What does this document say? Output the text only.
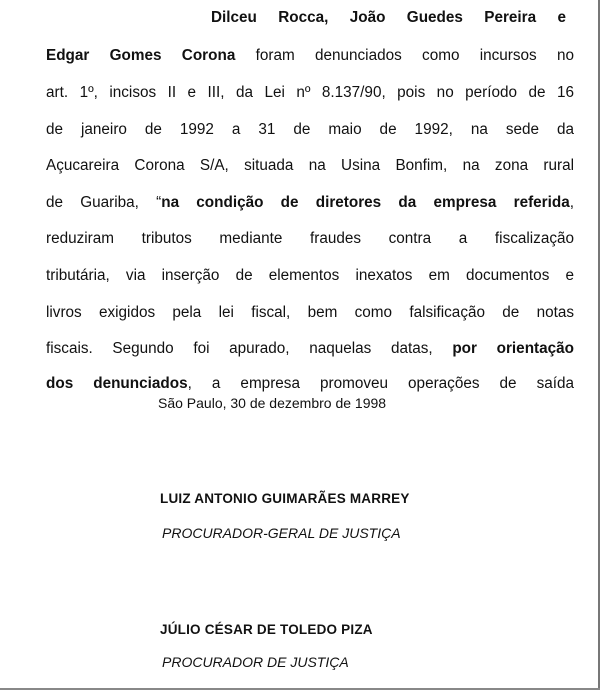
Dilceu Rocca, João Guedes Pereira e
Edgar Gomes Corona foram denunciados como incursos no
art. 1º, incisos II e III, da Lei nº 8.137/90, pois no período de 16
de janeiro de 1992 a 31 de maio de 1992, na sede da
Açucareira Corona S/A, situada na Usina Bonfim, na zona rural
de Guariba, “na condição de diretores da empresa referida,
reduziram tributos mediante fraudes contra a fiscalização
tributária, via inserção de elementos inexatos em documentos e
livros exigidos pela lei fiscal, bem como falsificação de notas
fiscais. Segundo foi apurado, naquelas datas, por orientação
dos denunciados, a empresa promoveu operações de saída
São Paulo, 30 de dezembro de 1998
LUIZ ANTONIO GUIMARÃES MARREY
PROCURADOR-GERAL DE JUSTIÇA
JÚLIO CÉSAR DE TOLEDO PIZA
PROCURADOR DE JUSTIÇA
